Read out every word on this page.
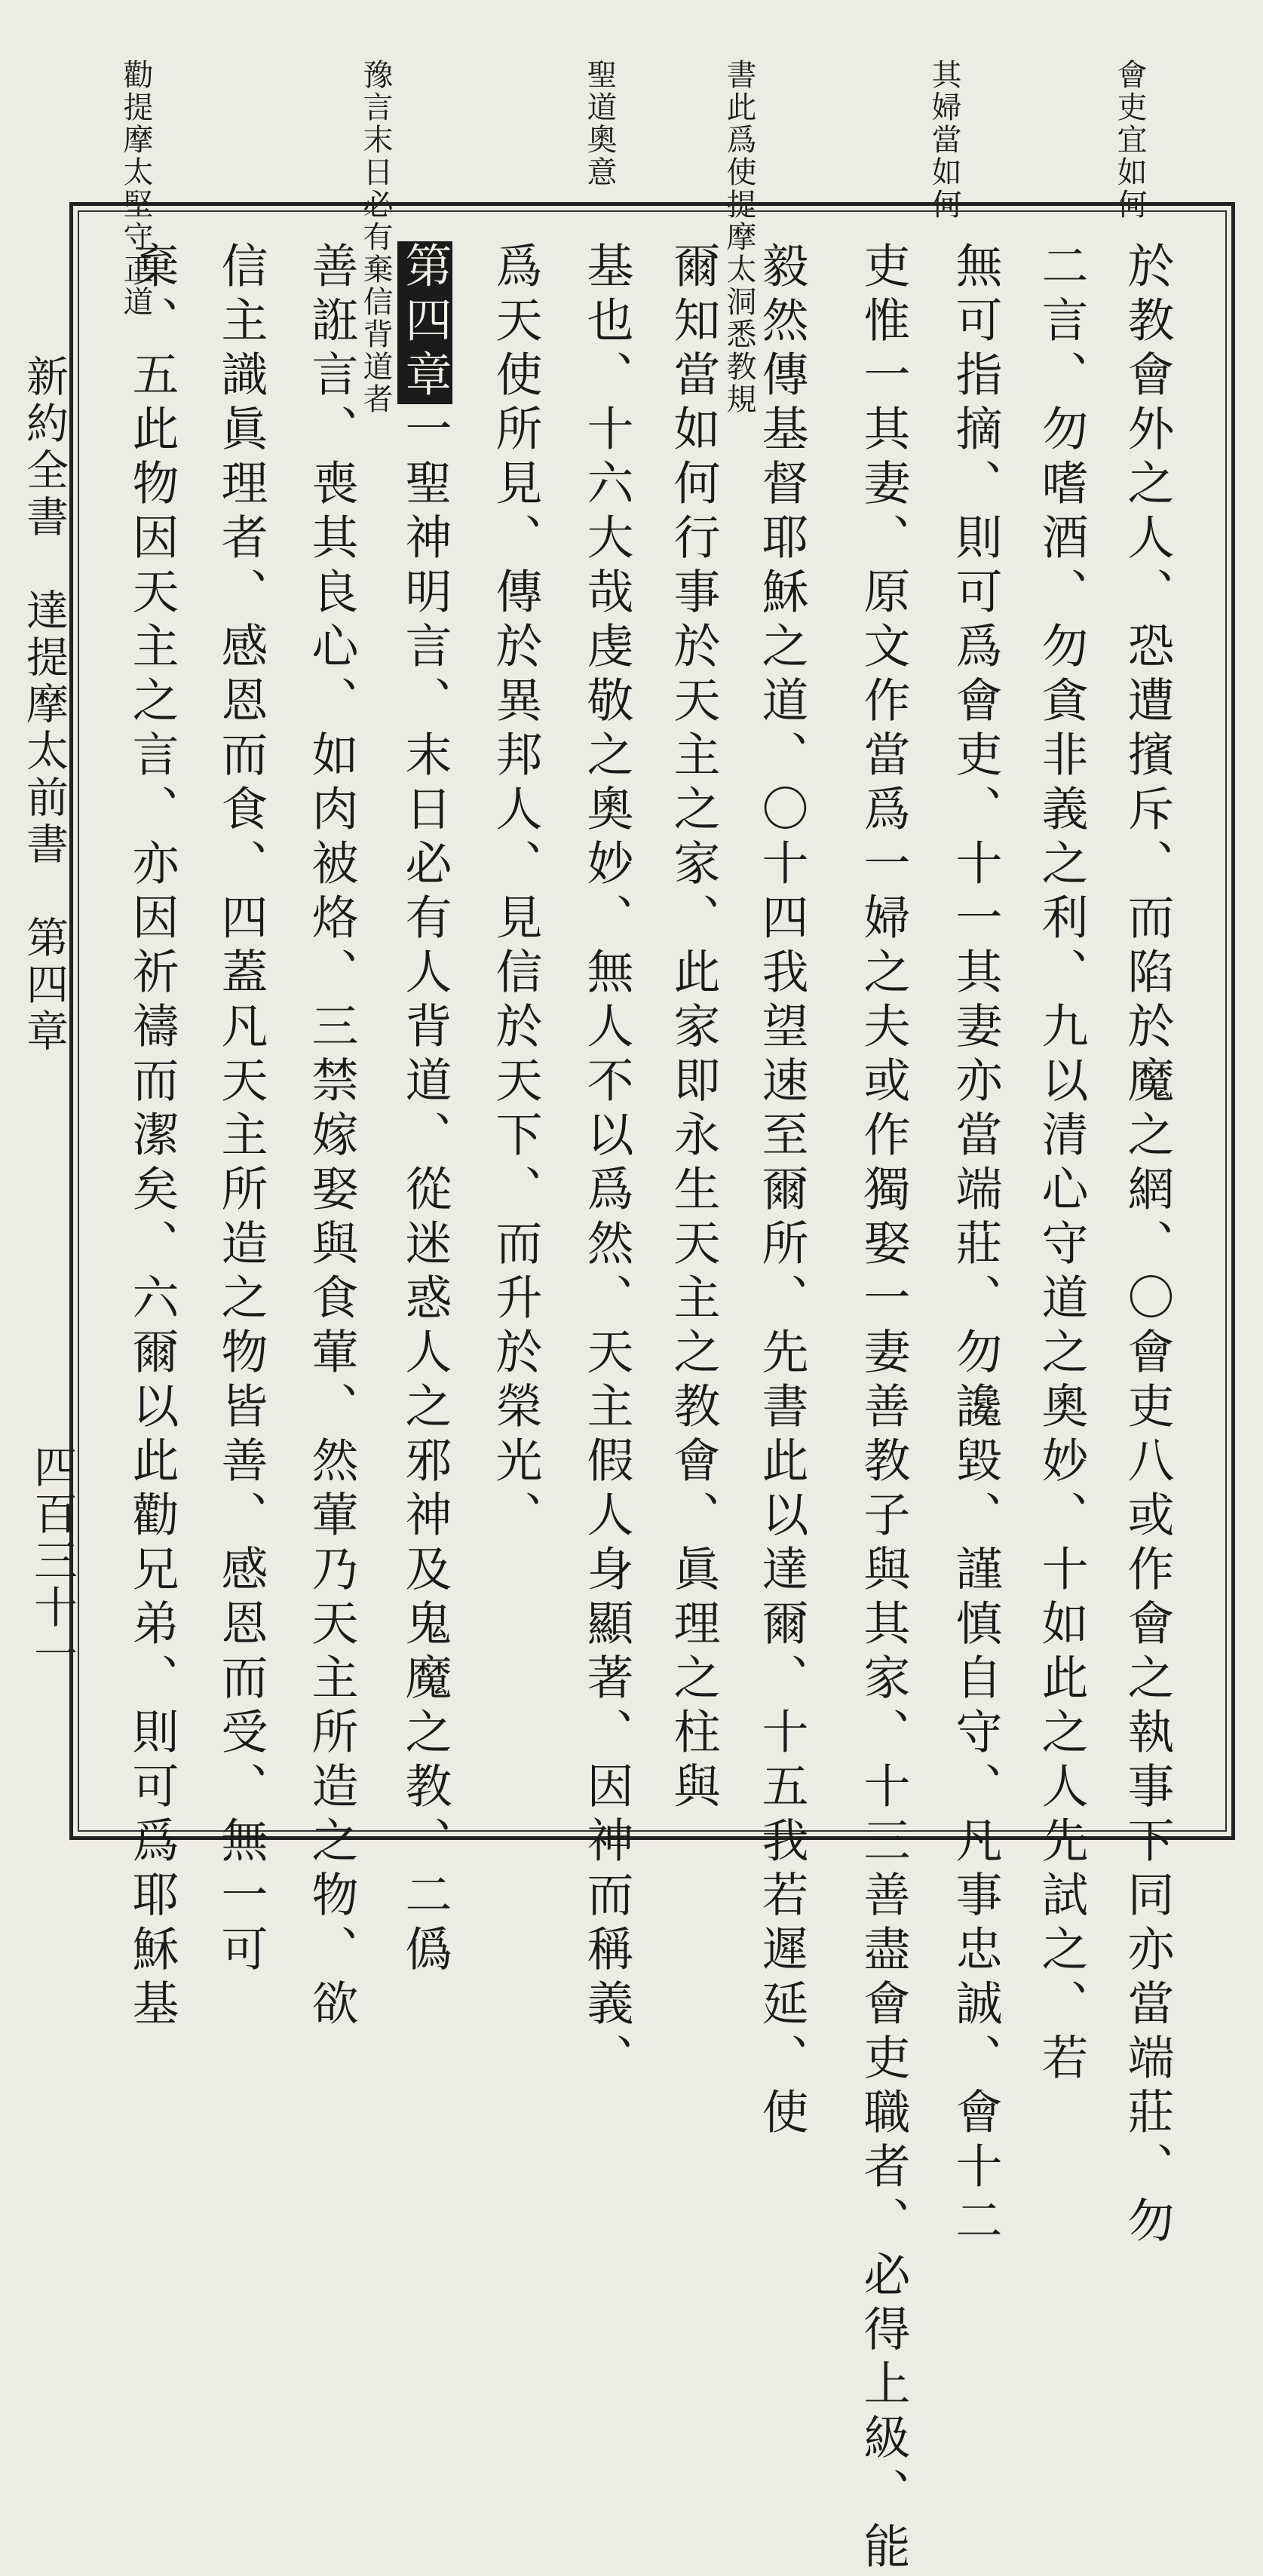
會吏宜如何
其婦當如何
書此爲使提摩太洞悉教規
聖道奧意
豫言末日必有棄信背道者
勸提摩太堅守正道
新約全書　達提摩太前書　第四章
四百三十一	於教會外之人、恐遭擯斥、而陷於魔之網、〇會吏八或作會之執事下同亦當端莊、勿
二言、勿嗜酒、勿貪非義之利、九以清心守道之奧妙、十如此之人先試之、若
無可指摘、則可爲會吏、十一其妻亦當端莊、勿讒毀、謹慎自守、凡事忠誠、會十二
吏惟一其妻、原文作當爲一婦之夫或作獨娶一妻善教子與其家、十三善盡會吏職者、必得上級、能
毅然傳基督耶穌之道、〇十四我望速至爾所、先書此以達爾、十五我若遲延、使
爾知當如何行事於天主之家、此家即永生天主之教會、眞理之柱與
基也、十六大哉虔敬之奧妙、無人不以爲然、天主假人身顯著、因神而稱義、
爲天使所見、傳於異邦人、見信於天下、而升於榮光、
第四章一聖神明言、末日必有人背道、從迷惑人之邪神及鬼魔之教、二僞
善誑言、喪其良心、如肉被烙、三禁嫁娶與食葷、然葷乃天主所造之物、欲
信主識眞理者、感恩而食、四蓋凡天主所造之物皆善、感恩而受、無一可
棄、五此物因天主之言、亦因祈禱而潔矣、六爾以此勸兄弟、則可爲耶穌基
